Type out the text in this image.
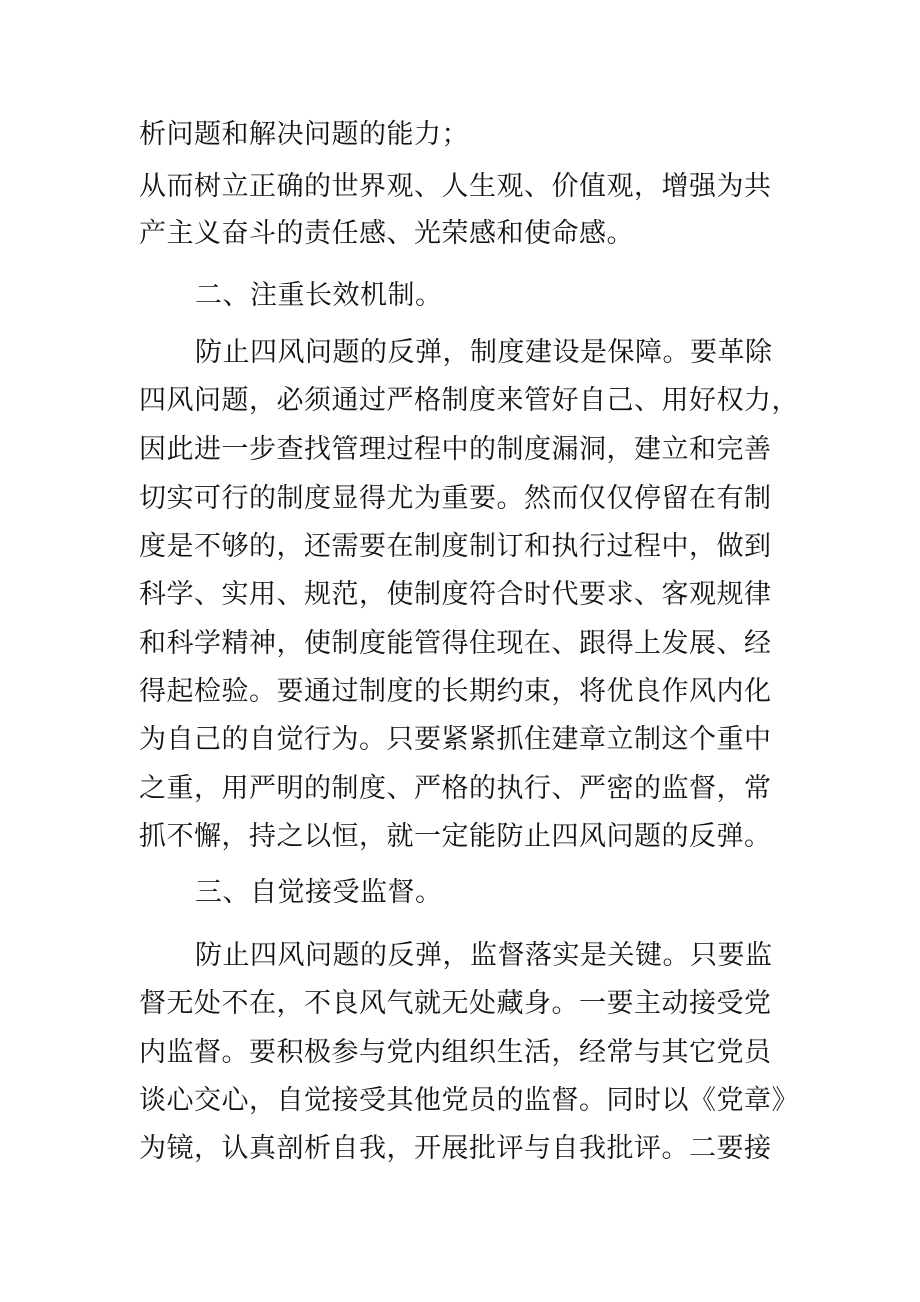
析问题和解决问题的能力；
从而树立正确的世界观、人生观、价值观，增强为共
产主义奋斗的责任感、光荣感和使命感。
二、注重长效机制。
防止四风问题的反弹，制度建设是保障。要革除
四风问题，必须通过严格制度来管好自己、用好权力，
因此进一步查找管理过程中的制度漏洞，建立和完善
切实可行的制度显得尤为重要。然而仅仅停留在有制
度是不够的，还需要在制度制订和执行过程中，做到
科学、实用、规范，使制度符合时代要求、客观规律
和科学精神，使制度能管得住现在、跟得上发展、经
得起检验。要通过制度的长期约束，将优良作风内化
为自己的自觉行为。只要紧紧抓住建章立制这个重中
之重，用严明的制度、严格的执行、严密的监督，常
抓不懈，持之以恒，就一定能防止四风问题的反弹。
三、自觉接受监督。
防止四风问题的反弹，监督落实是关键。只要监
督无处不在，不良风气就无处藏身。一要主动接受党
内监督。要积极参与党内组织生活，经常与其它党员
谈心交心，自觉接受其他党员的监督。同时以《党章》
为镜，认真剖析自我，开展批评与自我批评。二要接
